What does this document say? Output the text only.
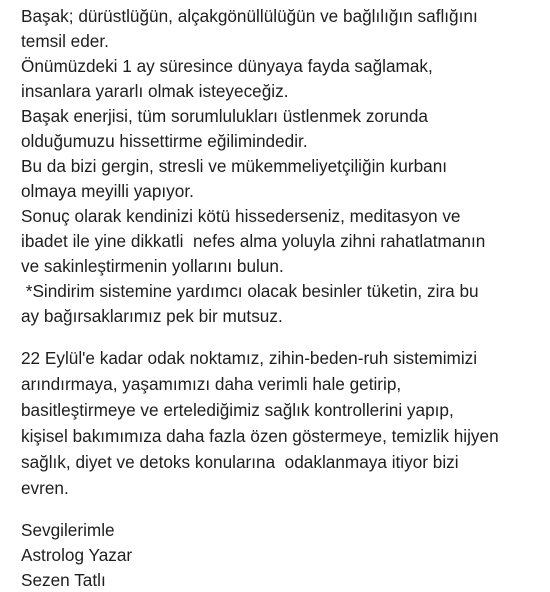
Başak; dürüstlüğün, alçakgönüllülüğün ve bağlılığın saflığını
temsil eder.
Önümüzdeki 1 ay süresince dünyaya fayda sağlamak,
insanlara yararlı olmak isteyeceğiz.
Başak enerjisi, tüm sorumlulukları üstlenmek zorunda
olduğumuzu hissettirme eğilimindedir.
Bu da bizi gergin, stresli ve mükemmeliyetçiliğin kurbanı
olmaya meyilli yapıyor.
Sonuç olarak kendinizi kötü hissederseniz, meditasyon ve
ibadet ile yine dikkatli  nefes alma yoluyla zihni rahatlatmanın
ve sakinleştirmenin yollarını bulun.
*Sindirim sistemine yardımcı olacak besinler tüketin, zira bu
ay bağırsaklarımız pek bir mutsuz.
22 Eylül'e kadar odak noktamız, zihin-beden-ruh sistemimizi
arındırmaya, yaşamımızı daha verimli hale getirip,
basitleştirmeye ve ertelediğimiz sağlık kontrollerini yapıp,
kişisel bakımımıza daha fazla özen göstermeye, temizlik hijyen
sağlık, diyet ve detoks konularına  odaklanmaya itiyor bizi
evren.
Sevgilerimle
Astrolog Yazar
Sezen Tatlı
